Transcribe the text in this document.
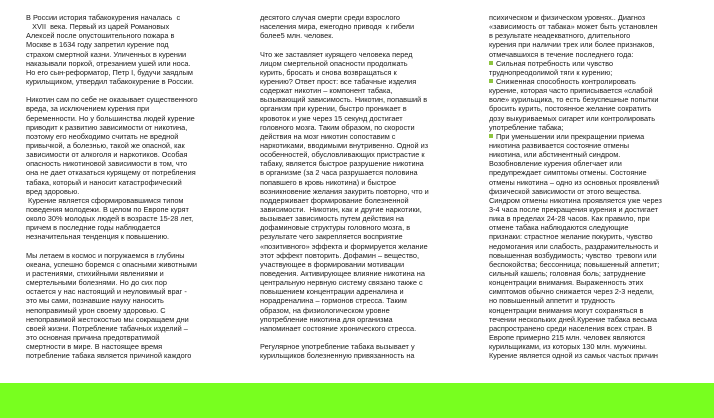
В России история табакокурения началась  с
XVII  века. Первый из царей Романовых
Алексей после опустошительного пожара в
Москве в 1634 году запретил курение под
страхом смертной казни. Уличенных в курении
наказывали поркой, отрезанием ушей или носа.
Но его сын-реформатор, Петр I, будучи заядлым
курильщиком, утвердил табакокурение в России.
Никотин сам по себе не оказывает существенного
вреда, за исключением курения при
беременности. Но у большинства людей курение
приводит к развитию зависимости от никотина,
поэтому его необходимо считать не вредной
привычкой, а болезнью, такой же опасной, как
зависимости от алкоголя и наркотиков. Особая
опасность никотиновой зависимости в том, что
она не дает отказаться курящему от потребления
табака, который и наносит катастрофический
вред здоровью.
Курение является сформировавшимся типом
поведения молодежи. В целом по Европе курят
около 30% молодых людей в возрасте 15-28 лет,
причем в последние годы наблюдается
незначительная тенденция к повышению.
Мы летаем в космос и погружаемся в глубины
океана, успешно боремся с опасными животными
и растениями, стихийными явлениями и
смертельными болезнями. Но до сих пор
остается у нас настоящий и неуловимый враг -
это мы сами, познавшие науку наносить
непоправимый урон своему здоровью. С
непоправимой жестокостью мы сокращаем дни
своей жизни. Потребление табачных изделий –
это основная причина предотвратимой
смертности в мире. В настоящее время
потребление табака является причиной каждого
десятого случая смерти среди взрослого
населения мира, ежегодно приводя  к гибели
более5 млн. человек.
Что же заставляет курящего человека перед
лицом смертельной опасности продолжать
курить, бросать и снова возвращаться к
курению? Ответ прост: все табачные изделия
содержат никотин – компонент табака,
вызывающий зависимость. Никотин, попавший в
организм при курении, быстро проникает в
кровоток и уже через 15 секунд достигает
головного мозга. Таким образом, по скорости
действия на мозг никотин сопоставим с
наркотиками, вводимыми внутривенно. Одной из
особенностей, обусловливающих пристрастие к
табаку, является быстрое разрушение никотина
в организме (за 2 часа разрушается половина
попавшего в кровь никотина) и быстрое
возникновение желания закурить повторно, что и
поддерживает формирование болезненной
зависимости.  Никотин, как и другие наркотики,
вызывает зависимость путем действия на
дофаминовые структуры головного мозга, в
результате чего закрепляется восприятие
«позитивного» эффекта и формируется желание
этот эффект повторить. Дофамин – вещество,
участвующее в формировании мотивации
поведения. Активирующее влияние никотина на
центральную нервную систему связано также с
повышением концентрации адреналина и
норадреналина – гормонов стресса. Таким
образом, на физиологическом уровне
употребление никотина для организма
напоминает состояние хронического стресса.
Регулярное употребление табака вызывает у
курильщиков болезненную привязанность на
психическом и физическом уровнях.. Диагноз
«зависимость от табака» может быть установлен
в результате неадекватного, длительного
курения при наличии трех или более признаков,
отмечавшихся в течение последнего года:
Сильная потребность или чувство
труднопреодолимой тяги к курению;
Сниженная способность контролировать
курение, которая часто приписывается «слабой
воле» курильщика, то есть безуспешные попытки
бросить курить, постоянное желание сократить
дозу выкуриваемых сигарет или контролировать
употребление табака;
При уменьшении или прекращении приема
никотина развивается состояние отмены
никотина, или абстинентный синдром.
Возобновление курения облегчает или
предупреждает симптомы отмены. Состояние
отмены никотина – одно из основных проявлений
физической зависимости от этого вещества.
Синдром отмены никотина проявляется уже через
3-4 часа после прекращения курения и достигает
пика в пределах 24-28 часов. Как правило, при
отмене табака наблюдаются следующие
признаки: страстное желание покурить, чувство
недомогания или слабость, раздражительность и
повышенная возбудимость; чувство  тревоги или
беспокойства; бессонница; повышенный аппетит;
сильный кашель; головная боль; затруднение
концентрации внимания. Выраженность этих
симптомов обычно снижается через 2-3 недели,
но повышенный аппетит и трудность
концентрации внимания могут сохраняться в
течении нескольких дней.Курение табака весьма
распространено среди населения всех стран. В
Европе примерно 215 млн. человек являются
курильщиками, из которых 130 млн. мужчины.
Курение является одной из самых частых причин
